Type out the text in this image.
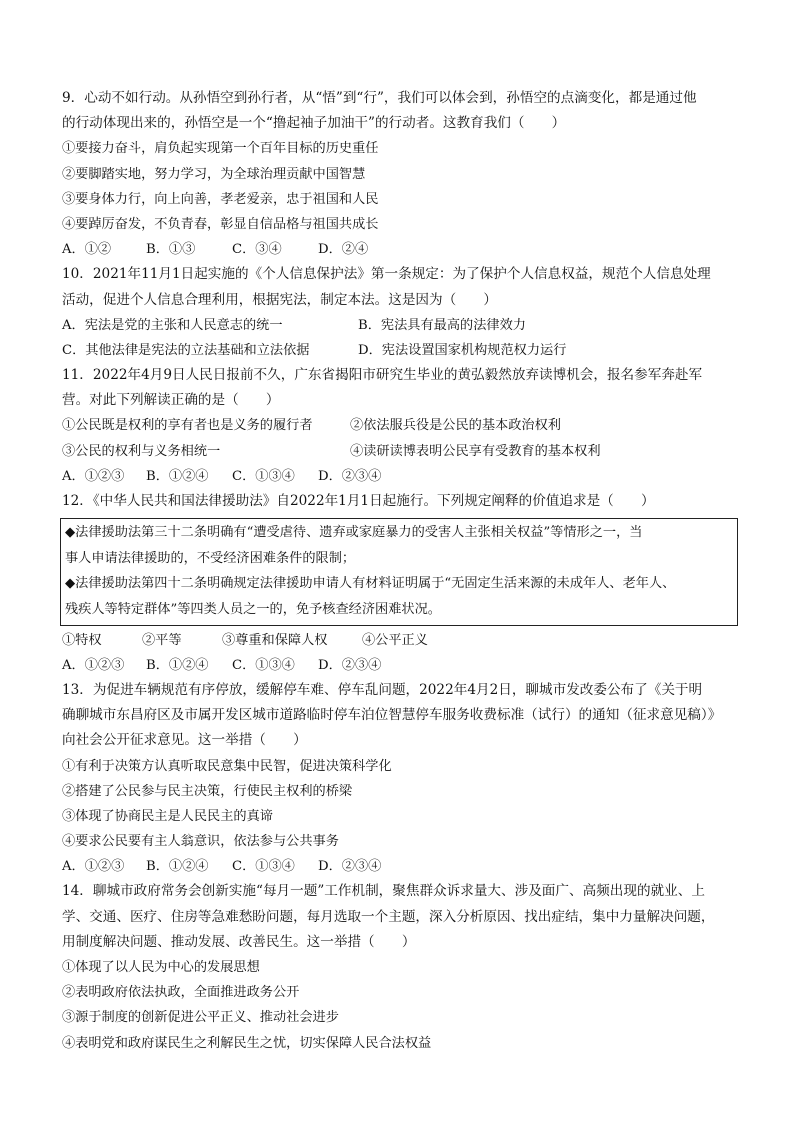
9．心动不如行动。从孙悟空到孙行者，从“悟”到“行”，我们可以体会到，孙悟空的点滴变化，都是通过他
的行动体现出来的，孙悟空是一个“撸起袖子加油干”的行动者。这教育我们（　　）
①要接力奋斗，肩负起实现第一个百年目标的历史重任
②要脚踏实地，努力学习，为全球治理贡献中国智慧
③要身体力行，向上向善，孝老爱亲，忠于祖国和人民
④要踔厉奋发，不负青春，彰显自信品格与祖国共成长
A．①②	B．①③	C．③④	D．②④
10．2021年11月1日起实施的《个人信息保护法》第一条规定：为了保护个人信息权益，规范个人信息处理
活动，促进个人信息合理利用，根据宪法，制定本法。这是因为（　　）
A．宪法是党的主张和人民意志的统一	B．宪法具有最高的法律效力
C．其他法律是宪法的立法基础和立法依据	D．宪法设置国家机构规范权力运行
11．2022年4月9日人民日报前不久，广东省揭阳市研究生毕业的黄弘毅然放弃读博机会，报名参军奔赴军
营。对此下列解读正确的是（　　）
①公民既是权利的享有者也是义务的履行者	②依法服兵役是公民的基本政治权利
③公民的权利与义务相统一	④读研读博表明公民享有受教育的基本权利
A．①②③	B．①②④	C．①③④	D．②③④
12．《中华人民共和国法律援助法》自2022年1月1日起施行。下列规定阐释的价值追求是（　　）
◆法律援助法第三十二条明确有“遭受虐待、遗弃或家庭暴力的受害人主张相关权益”等情形之一，当
事人申请法律援助的，不受经济困难条件的限制；
◆法律援助法第四十二条明确规定法律援助申请人有材料证明属于“无固定生活来源的未成年人、老年人、
残疾人等特定群体”等四类人员之一的，免予核查经济困难状况。
①特权	②平等	③尊重和保障人权	④公平正义
A．①②③	B．①②④	C．①③④	D．②③④
13．为促进车辆规范有序停放，缓解停车难、停车乱问题，2022年4月2日，聊城市发改委公布了《关于明
确聊城市东昌府区及市属开发区城市道路临时停车泊位智慧停车服务收费标准（试行）的通知（征求意见稿）》
向社会公开征求意见。这一举措（　　）
①有利于决策方认真听取民意集中民智，促进决策科学化
②搭建了公民参与民主决策，行使民主权利的桥梁
③体现了协商民主是人民民主的真谛
④要求公民要有主人翁意识，依法参与公共事务
A．①②③	B．①②④	C．①③④	D．②③④
14．聊城市政府常务会创新实施“每月一题”工作机制，聚焦群众诉求量大、涉及面广、高频出现的就业、上
学、交通、医疗、住房等急难愁盼问题，每月选取一个主题，深入分析原因、找出症结，集中力量解决问题，
用制度解决问题、推动发展、改善民生。这一举措（　　）
①体现了以人民为中心的发展思想
②表明政府依法执政，全面推进政务公开
③源于制度的创新促进公平正义、推动社会进步
④表明党和政府谋民生之利解民生之忧，切实保障人民合法权益
